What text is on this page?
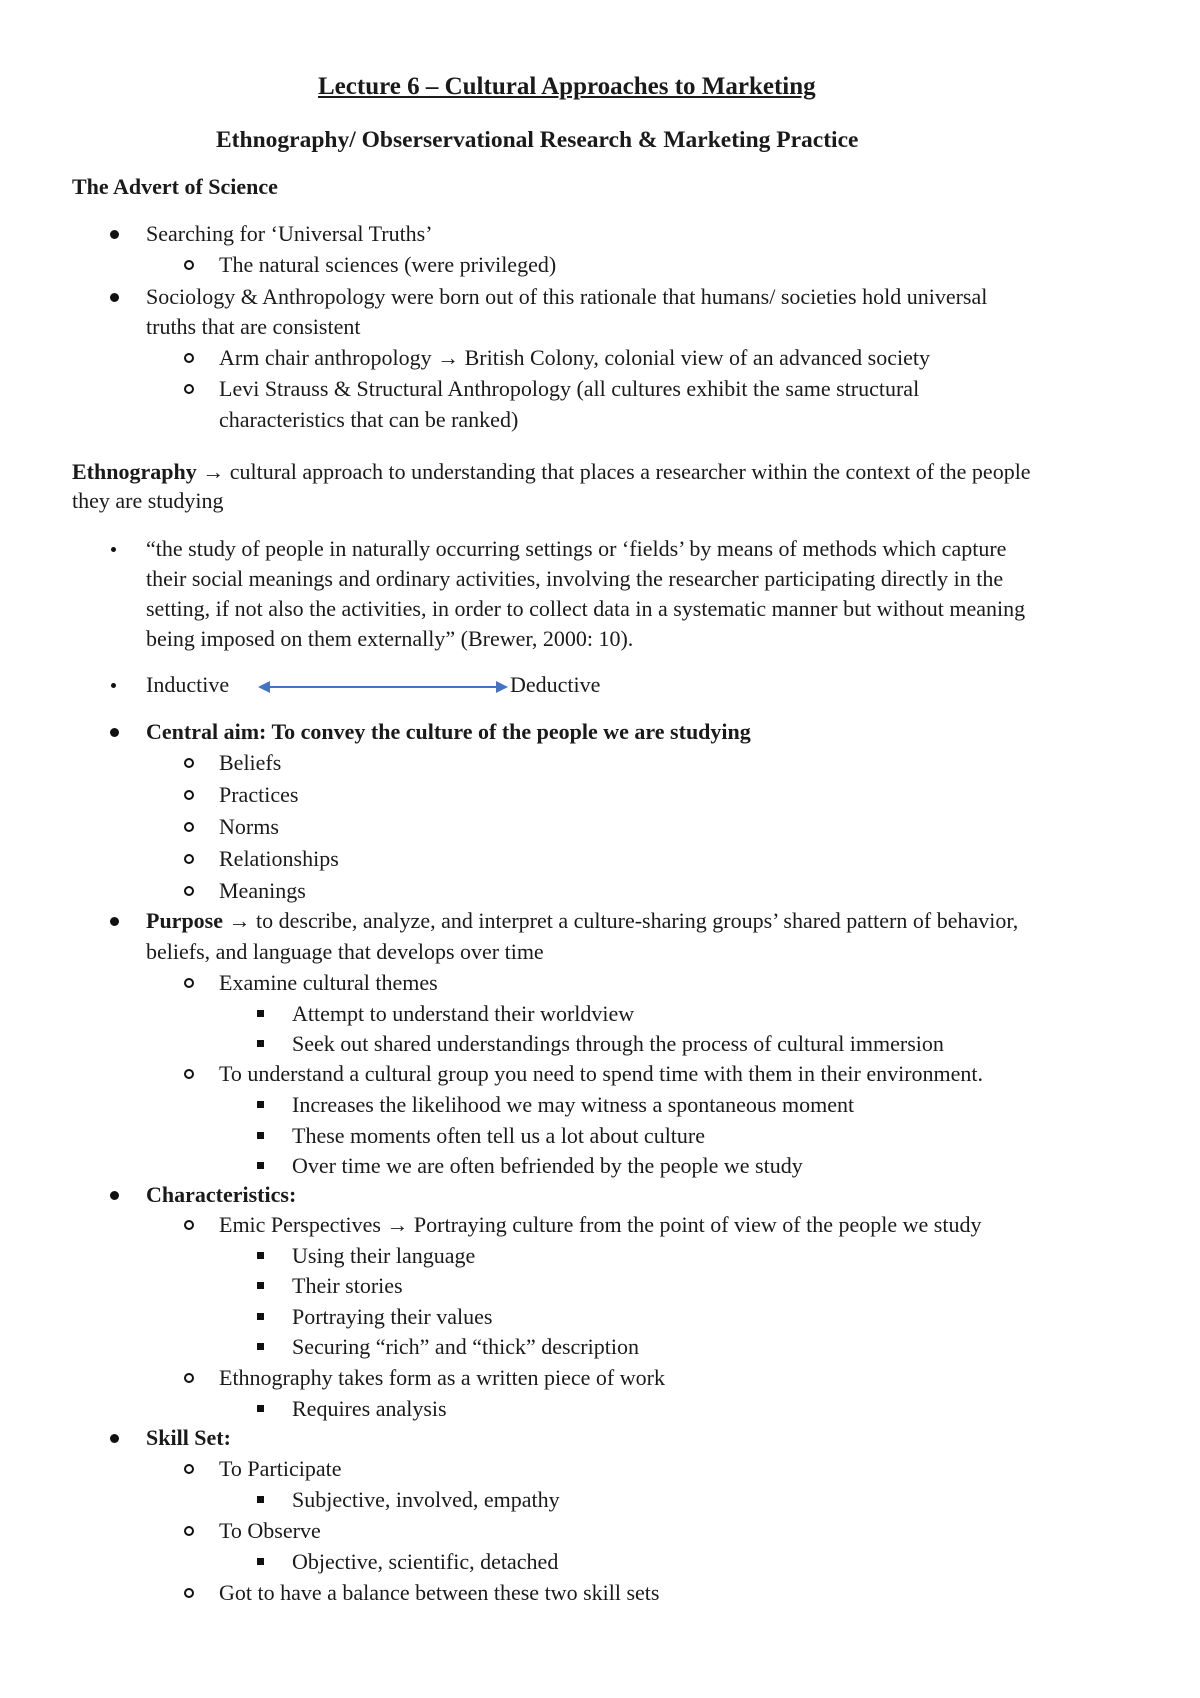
Lecture 6 – Cultural Approaches to Marketing
Ethnography/ Obserservational Research & Marketing Practice
The Advert of Science
Searching for ‘Universal Truths’
The natural sciences (were privileged)
Sociology & Anthropology were born out of this rationale that humans/ societies hold universal
truths that are consistent
Arm chair anthropology → British Colony, colonial view of an advanced society
Levi Strauss & Structural Anthropology (all cultures exhibit the same structural
characteristics that can be ranked)
Ethnography → cultural approach to understanding that places a researcher within the context of the people
they are studying
“the study of people in naturally occurring settings or ‘fields’ by means of methods which capture
their social meanings and ordinary activities, involving the researcher participating directly in the
setting, if not also the activities, in order to collect data in a systematic manner but without meaning
being imposed on them externally” (Brewer, 2000: 10).
Inductive	Deductive
Central aim: To convey the culture of the people we are studying
Beliefs
Practices
Norms
Relationships
Meanings
Purpose → to describe, analyze, and interpret a culture-sharing groups’ shared pattern of behavior,
beliefs, and language that develops over time
Examine cultural themes
Attempt to understand their worldview
Seek out shared understandings through the process of cultural immersion
To understand a cultural group you need to spend time with them in their environment.
Increases the likelihood we may witness a spontaneous moment
These moments often tell us a lot about culture
Over time we are often befriended by the people we study
Characteristics:
Emic Perspectives → Portraying culture from the point of view of the people we study
Using their language
Their stories
Portraying their values
Securing “rich” and “thick” description
Ethnography takes form as a written piece of work
Requires analysis
Skill Set:
To Participate
Subjective, involved, empathy
To Observe
Objective, scientific, detached
Got to have a balance between these two skill sets
